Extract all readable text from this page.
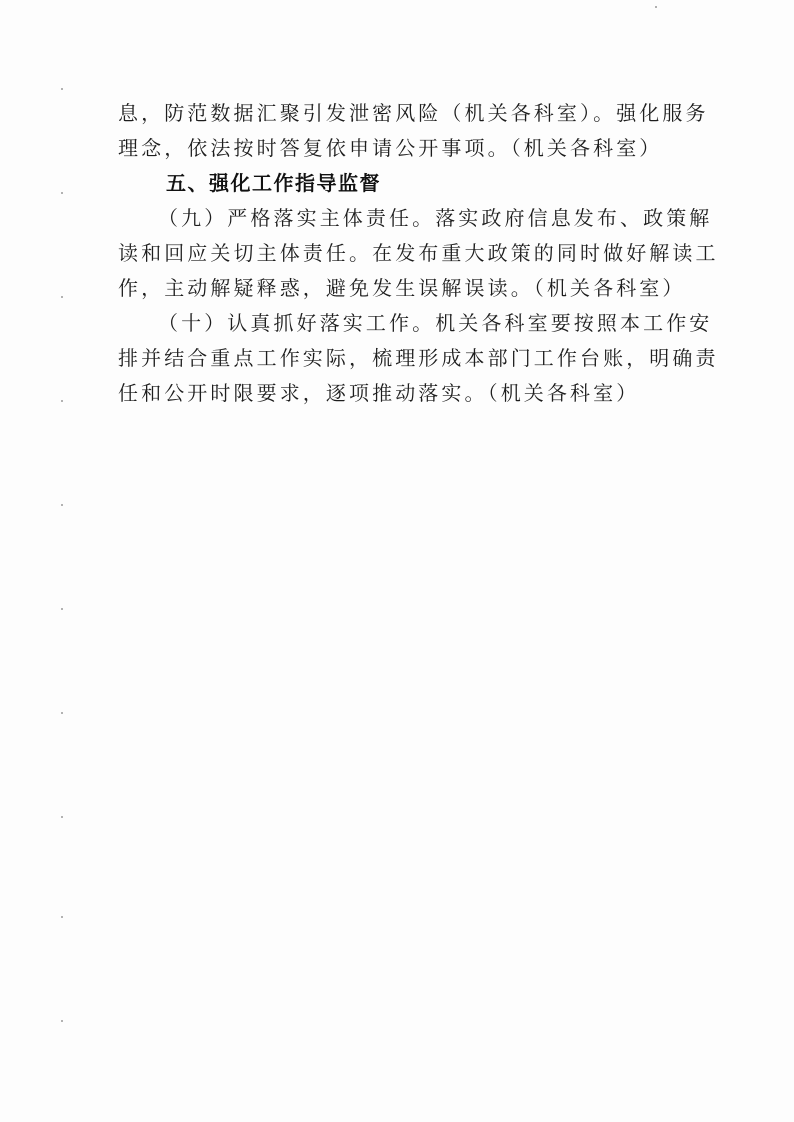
息，防范数据汇聚引发泄密风险（机关各科室）。强化服务

理念，依法按时答复依申请公开事项。（机关各科室）

五、强化工作指导监督

（九）严格落实主体责任。落实政府信息发布、政策解

读和回应关切主体责任。在发布重大政策的同时做好解读工

作，主动解疑释惑，避免发生误解误读。（机关各科室）

（十）认真抓好落实工作。机关各科室要按照本工作安

排并结合重点工作实际，梳理形成本部门工作台账，明确责

任和公开时限要求，逐项推动落实。（机关各科室）
